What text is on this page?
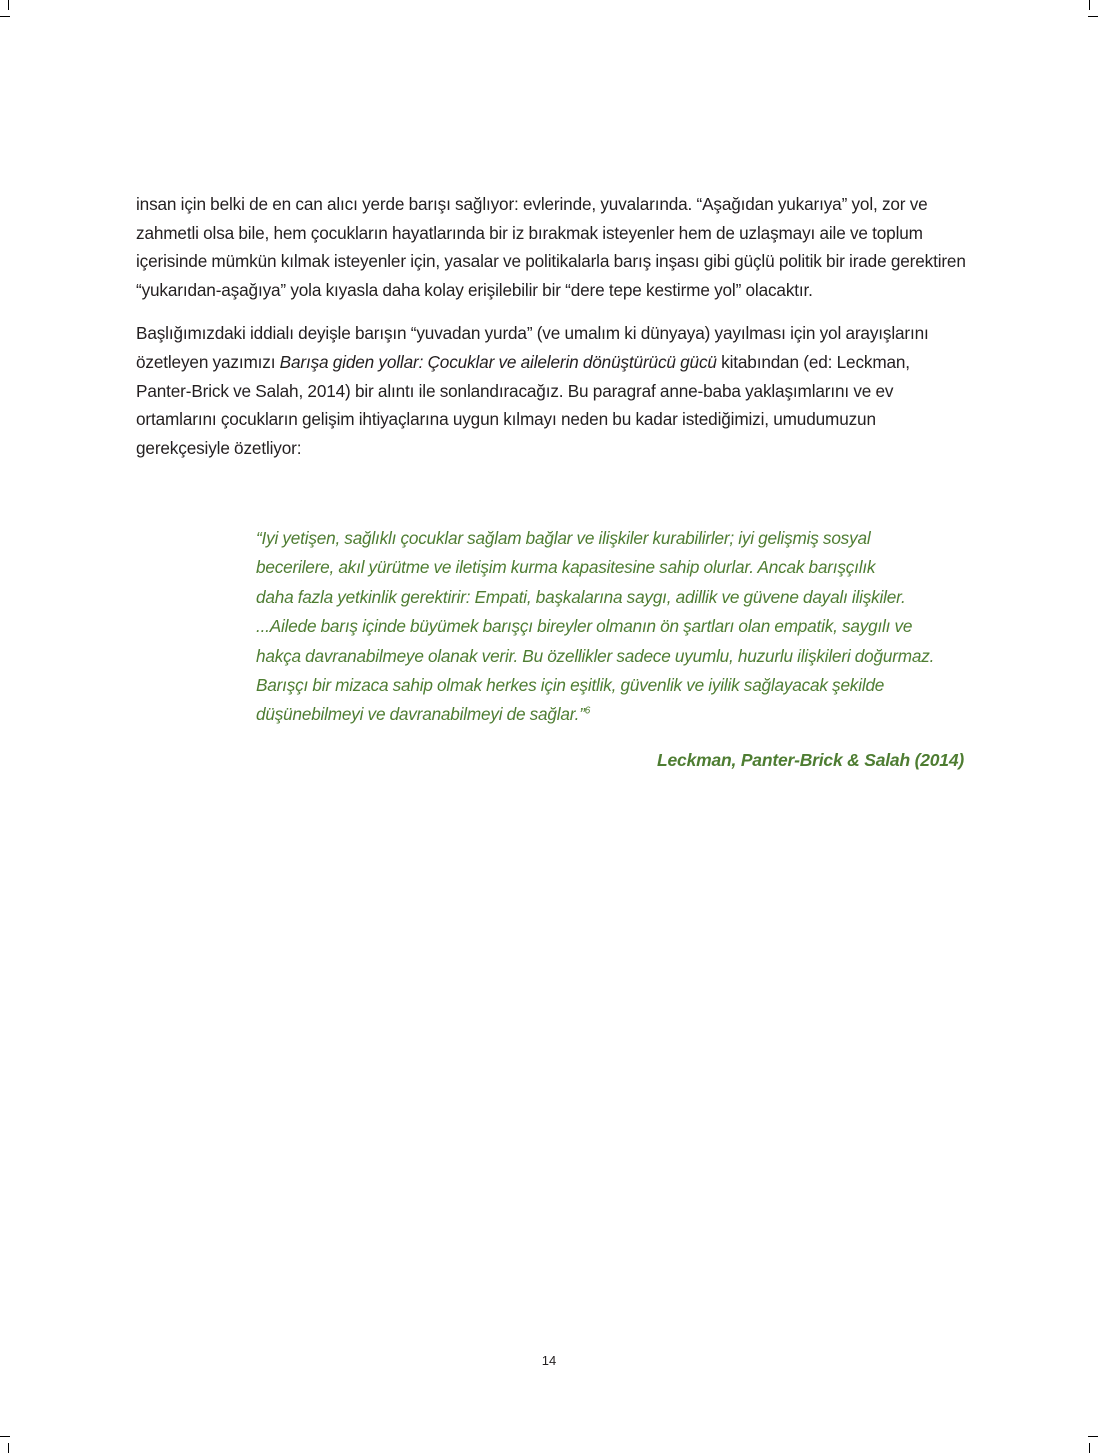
insan için belki de en can alıcı yerde barışı sağlıyor: evlerinde, yuvalarında. “Aşağıdan yukarıya” yol, zor ve zahmetli olsa bile, hem çocukların hayatlarında bir iz bırakmak isteyenler hem de uzlaşmayı aile ve toplum içerisinde mümkün kılmak isteyenler için, yasalar ve politikalarla barış inşası gibi güçlü politik bir irade gerektiren “yukarıdan-aşağıya” yola kıyasla daha kolay erişilebilir bir “dere tepe kestirme yol” olacaktır.

Başlığımızdaki iddialı deyişle barışın “yuvadan yurda” (ve umalım ki dünyaya) yayılması için yol arayışlarını özetleyen yazımızı Barışa giden yollar: Çocuklar ve ailelerin dönüştürücü gücü kitabından (ed: Leckman, Panter-Brick ve Salah, 2014) bir alıntı ile sonlandıracağız. Bu paragraf anne-baba yaklaşımlarını ve ev ortamlarını çocukların gelişim ihtiyaçlarına uygun kılmayı neden bu kadar istediğimizi, umudumuzun gerekçesiyle özetliyor:

“Iyi yetişen, sağlıklı çocuklar sağlam bağlar ve ilişkiler kurabilirler; iyi gelişmiş sosyal
becerilere, akıl yürütme ve iletişim kurma kapasitesine sahip olurlar. Ancak barışçılık
daha fazla yetkinlik gerektirir: Empati, başkalarına saygı, adillik ve güvene dayalı ilişkiler.
...Ailede barış içinde büyümek barışçı bireyler olmanın ön şartları olan empatik, saygılı ve
hakça davranabilmeye olanak verir. Bu özellikler sadece uyumlu, huzurlu ilişkileri doğurmaz.
Barışçı bir mizaca sahip olmak herkes için eşitlik, güvenlik ve iyilik sağlayacak şekilde
düşünebilmeyi ve davranabilmeyi de sağlar.”$^6$
Leckman, Panter-Brick & Salah (2014)
14
